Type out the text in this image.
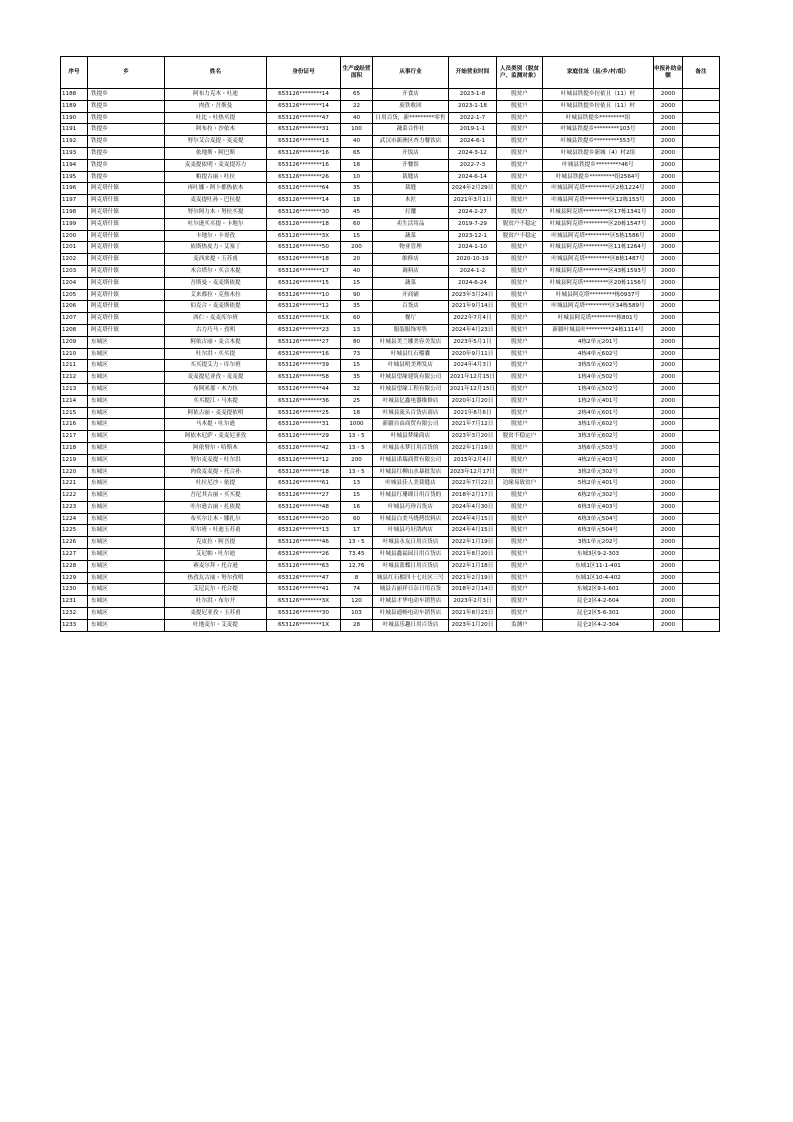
序号	乡	姓名	身份证号	生产或经营面积	从事行业	开始营业时间	人员类别（脱贫户、监测对象）	家庭住址（县/乡/村/组）	申报补助金额	备注
1188	铁提乡	阿布力克木・吐迪	653126********14	65	开食店	2023-1-8	脱贫户	叶城县铁提乡拉依且（11）村	2000	
1189	铁提乡	肉孜・吾斯曼	653126********14	22	废铁收回	2023-1-18	脱贫户	叶城县铁提乡拉依且（11）村	2000	
1190	铁提乡	吐比・吐热买提	653126********47	40	日用百货，新*********零售	2022-1-7	脱贫户	叶城县铁提乡*********组	2000	
1191	铁提乡	阿布拉・沙依木	653126********31	100	蔬菜合作社	2019-1-1	脱贫户	叶城县铁提乡*********103号	2000	
1192	铁提乡	努尔艾合麦提・麦麦提	653126********13	40	武汉市新洲区杏力餐饮店	2024-6-1	脱贫户	叶城县铁提乡*********553号	2000	
1193	铁提乡	依地斯・阿巴斯	653126********16	65	开饭店	2024-3-12	脱贫户	叶城县铁提乡新城（4）村2组	2000	
1194	铁提乡	麦麦提依明・麦麦提苏力	653126********16	18	开餐馆	2022-7-3	脱贫户	叶城县铁提乡*********46号	2000	
1195	铁提乡	帕提古丽・吐拉	653126********26	10	裁缝店	2024-6-14	脱贫户	叶城县铁提乡*********组2564号	2000	
1196	阿克塔什镇	再吐娜・阿卜都热依木	653126********64	35	裁缝	2024年2月29日	脱贫户	叶城县阿克塔*********区2栋1224号	2000	
1197	阿克塔什镇	麦麦提吐孙・巴拉提	653126********14	18	木匠	2021年3月1日	脱贫户	叶城县阿克塔*********区12栋153号	2000	
1198	阿克塔什镇	努尔阿力木・努拉买提	653126********30	45	打馕	2024-2-27	脱贫户	叶城县阿克塔*********区17栋1341号	2000	
1199	阿克塔什镇	吐尔逊买买提・卡地尔	653126********18	60	卖生活用品	2019-7-29	脱贫户不稳定	叶城县阿克塔*********区20栋1547号	2000	
1200	阿克塔什镇	卡地尔・卡哥孜	653126********3X	15	蔬菜	2023-12-1	脱贫户不稳定	叶城县阿克塔*********区5栋1586号	2000	
1201	阿克塔什镇	依斯热皮力・艾塞丁	653126********50	200	物业管理	2024-1-10	脱贫户	叶城县阿克塔*********区11栋1264号	2000	
1202	阿克塔什镇	麦西来提・玉苏甫	653126********18	20	维修店	2020-10-19	脱贫户	叶城县阿克塔*********区8栋1487号	2000	
1203	阿克塔什镇	木合塔尔・买合木提	653126********17	40	调料店	2024-1-2	脱贫户	叶城县阿克塔*********区43栋1593号	2000	
1204	阿克塔什镇	吾斯曼・麦麦斯依提	653126********15	15	蔬菜	2024-6-24	脱贫户	叶城县阿克塔*********区20栋1156号	2000	
1205	阿克塔什镇	艾来都拉・克热木拉	653126********10	90	开商铺	2023年3月24日	脱贫户	叶城县阿克塔*********栋0937号	2000	
1206	阿克塔什镇	伯克合・麦麦斯依提	653126********12	35	百货店	2021年9月14日	脱贫户	叶城县阿克塔*********区34栋589号	2000	
1207	阿克塔什镇	西仁・麦麦库尔班	653126********1X	60	餐厅	2022年7月4日	脱贫户	叶城县阿克塔*********栋801号	2000	
1208	阿克塔什镇	古力巧马・孜明	653126********23	13	服装服饰零售	2024年4月23日	脱贫户	新疆叶城县叶*********24栋1114号	2000	
1209	东城区	阿依古丽・麦合木提	653126********27	80	叶城县美兰娜美容美发店	2023年5月1日	脱贫户	4栋2单元201号	2000	
1210	东城区	吐尔洪・买买提	653126********16	73	叶城县红石榴囊	2020年9月11日	脱贫户	4栋4单元602号	2000	
1211	东城区	买买提艾力・库尔班	653126********39	15	叶城县明美理发店	2024年4月3日	脱贫户	3栋5单元602号	2000	
1212	东城区	麦麦提尼亚孜・麦麦提	653126********58	35	叶城县望缘建筑有限公司	2021年12月15日	脱贫户	1栋4单元502号	2000	
1213	东城区	布阿米那・木力拉	653126********44	32	叶城县望缘工程有限公司	2021年12月15日	脱贫户	1栋4单元502号	2000	
1214	东城区	买买提江・马木提	653126********36	25	叶城县亿鑫电器维修店	2020年1月20日	脱贫户	1栋2单元401号	2000	
1215	东城区	阿依古丽・麦麦提依明	653126********25	18	叶城县流头百货店商店	2021年8月6日	脱贫户	2栋4单元601号	2000	
1216	东城区	马木提・吐尔逊	653126********31	1000	新疆自由商贸有限公司	2021年7月12日	脱贫户	3栋1单元602号	2000	
1217	东城区	阿依木尼萨・麦麦尼亚孜	653126********29	13・5	叶城县梦缘商店	2023年3月20日	脱贫不稳定户	3栋3单元602号	2000	
1218	东城区	阿依努尔・哈斯木	653126********42	13・5	叶城县永梦日用百货的	2022年1月19日	脱贫户	3栋6单元503号	2000	
1219	东城区	努尔麦麦提・吐尔洪	653126********12	200	叶城县诺瑞商贸有限公司	2015年2月4日	脱贫户	4栋2单元403号	2000	
1220	东城区	肉孜麦麦提・托合孙	653126********18	13・5	叶城县红柳山水暴批发店	2023年12月17日	脱贫户	3栋2单元302号	2000	
1221	东城区	吐拉尼沙・依提	653126********61	13	叶城县佳人美裁缝店	2022年7月22日	边缘易致贫户	5栋2单元401号	2000	
1222	东城区	吾尼其古丽・买买提	653126********27	15	叶城县红珊瑚日用百货的	2018年2月17日	脱贫户	6栋2单元302号	2000	
1223	东城区	吐尔逊古丽・扎依提	653126********48	16	叶城县巧珍百货店	2024年4月30日	脱贫户	6栋3单元403号	2000	
1224	东城区	布买尔让木・娜扎尔	653126********20	60	叶城县白美马烧烤饮料店	2024年4月15日	脱贫户	6栋3单元504号	2000	
1225	东城区	库尔班・吐迪玉苏甫	653126********13	17	叶城县巧好鸽肉店	2024年4月15日	脱贫户	6栋3单元504号	2000	
1226	东城区	克皮拉・阿吾提	653126********46	13・5	叶城县永友日用百货店	2022年1月19日	脱贫户	3栋1单元202号	2000	
1227	东城区	艾尼帕・吐尔迪	653126********26	73.45	叶城县鑫福园日用百货店	2021年8月20日	脱贫户	东城3区9-2-303	2000	
1228	东城区	赛麦尔拜・托合逊	653126********63	12.76	叶城县蓝蝶日用百货店	2022年1月18日	脱贫户	东城1区11-1-401	2000	
1229	东城区	热孜瓦古丽・努尔孜明	653126********47	8	城县红石榴四十七社区三号	2021年2月19日	脱贫户	东城1区10-4-402	2000	
1230	东城区	艾尼瓦尔・托合提	653126********41	74	城县吉丽祥日杂日用百货	2018年2月14日	脱贫户	东城2区9-1-601	2000	
1231	东城区	吐尔洪・布尔开	653126********3X	120	叶城县才华电动车销售店	2023年2月3日	脱贫户	昆仑2区4-2-604	2000	
1232	东城区	麦提尼亚孜・玉苏甫	653126********30	103	叶城县通畅电动车销售店	2021年8月23日	脱贫户	昆仑2区5-6-301	2000	
1233	东城区	吐地麦尔・艾麦提	653126********1X	28	叶城县乐趣日用百货店	2023年1月20日	监测户	昆仑2区4-2-304	2000	
